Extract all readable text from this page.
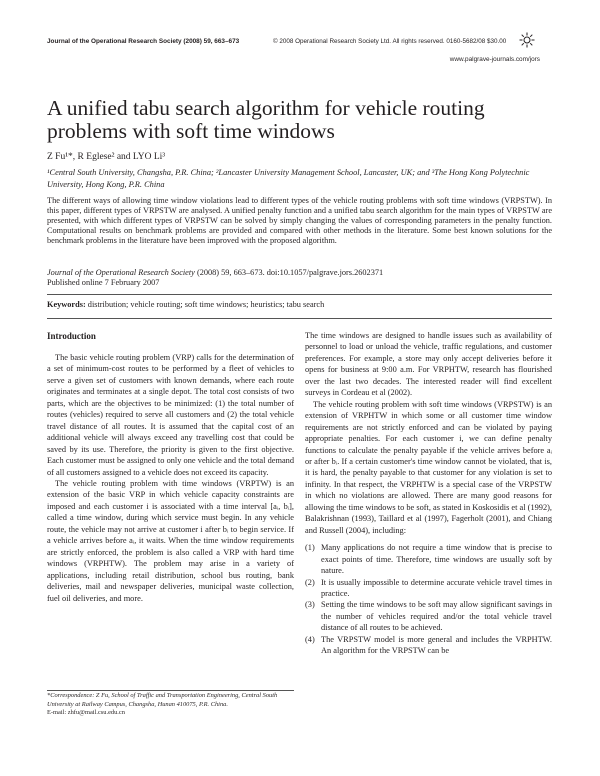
Journal of the Operational Research Society (2008) 59, 663–673	© 2008 Operational Research Society Ltd. All rights reserved. 0160-5682/08 $30.00
www.palgrave-journals.com/jors
A unified tabu search algorithm for vehicle routing problems with soft time windows
Z Fu¹*, R Eglese² and LYO Li³
¹Central South University, Changsha, P.R. China; ²Lancaster University Management School, Lancaster, UK; and ³The Hong Kong Polytechnic University, Hong Kong, P.R. China
The different ways of allowing time window violations lead to different types of the vehicle routing problems with soft time windows (VRPSTW). In this paper, different types of VRPSTW are analysed. A unified penalty function and a unified tabu search algorithm for the main types of VRPSTW are presented, with which different types of VRPSTW can be solved by simply changing the values of corresponding parameters in the penalty function. Computational results on benchmark problems are provided and compared with other methods in the literature. Some best known solutions for the benchmark problems in the literature have been improved with the proposed algorithm.
Journal of the Operational Research Society (2008) 59, 663–673. doi:10.1057/palgrave.jors.2602371
Published online 7 February 2007
Keywords: distribution; vehicle routing; soft time windows; heuristics; tabu search
Introduction

The basic vehicle routing problem (VRP) calls for the determination of a set of minimum-cost routes to be performed by a fleet of vehicles to serve a given set of customers with known demands, where each route originates and terminates at a single depot. The total cost consists of two parts, which are the objectives to be minimized: (1) the total number of routes (vehicles) required to serve all customers and (2) the total vehicle travel distance of all routes. It is assumed that the capital cost of an additional vehicle will always exceed any travelling cost that could be saved by its use. Therefore, the priority is given to the first objective. Each customer must be assigned to only one vehicle and the total demand of all customers assigned to a vehicle does not exceed its capacity.

The vehicle routing problem with time windows (VRPTW) is an extension of the basic VRP in which vehicle capacity constraints are imposed and each customer i is associated with a time interval [aᵢ, bᵢ], called a time window, during which service must begin. In any vehicle route, the vehicle may not arrive at customer i after bᵢ to begin service. If a vehicle arrives before aᵢ, it waits. When the time window requirements are strictly enforced, the problem is also called a VRP with hard time windows (VRPHTW). The problem may arise in a variety of applications, including retail distribution, school bus routing, bank deliveries, mail and newspaper deliveries, municipal waste collection, fuel oil deliveries, and more.

The time windows are designed to handle issues such as availability of personnel to load or unload the vehicle, traffic regulations, and customer preferences. For example, a store may only accept deliveries before it opens for business at 9:00 a.m. For VRPHTW, research has flourished over the last two decades. The interested reader will find excellent surveys in Cordeau et al (2002).

The vehicle routing problem with soft time windows (VRPSTW) is an extension of VRPHTW in which some or all customer time window requirements are not strictly enforced and can be violated by paying appropriate penalties. For each customer i, we can define penalty functions to calculate the penalty payable if the vehicle arrives before aᵢ or after bᵢ. If a certain customer's time window cannot be violated, that is, it is hard, the penalty payable to that customer for any violation is set to infinity. In that respect, the VRPHTW is a special case of the VRPSTW in which no violations are allowed. There are many good reasons for allowing the time windows to be soft, as stated in Koskosidis et al (1992), Balakrishnan (1993), Taillard et al (1997), Fagerholt (2001), and Chiang and Russell (2004), including:

(1) Many applications do not require a time window that is precise to exact points of time. Therefore, time windows are usually soft by nature.
(2) It is usually impossible to determine accurate vehicle travel times in practice.
(3) Setting the time windows to be soft may allow significant savings in the number of vehicles required and/or the total vehicle travel distance of all routes to be achieved.
(4) The VRPSTW model is more general and includes the VRPHTW. An algorithm for the VRPSTW can be
*Correspondence: Z Fu, School of Traffic and Transportation Engineering, Central South University at Railway Campus, Changsha, Hunan 410075, P.R. China.
E-mail: zhfu@mail.csu.edu.cn
